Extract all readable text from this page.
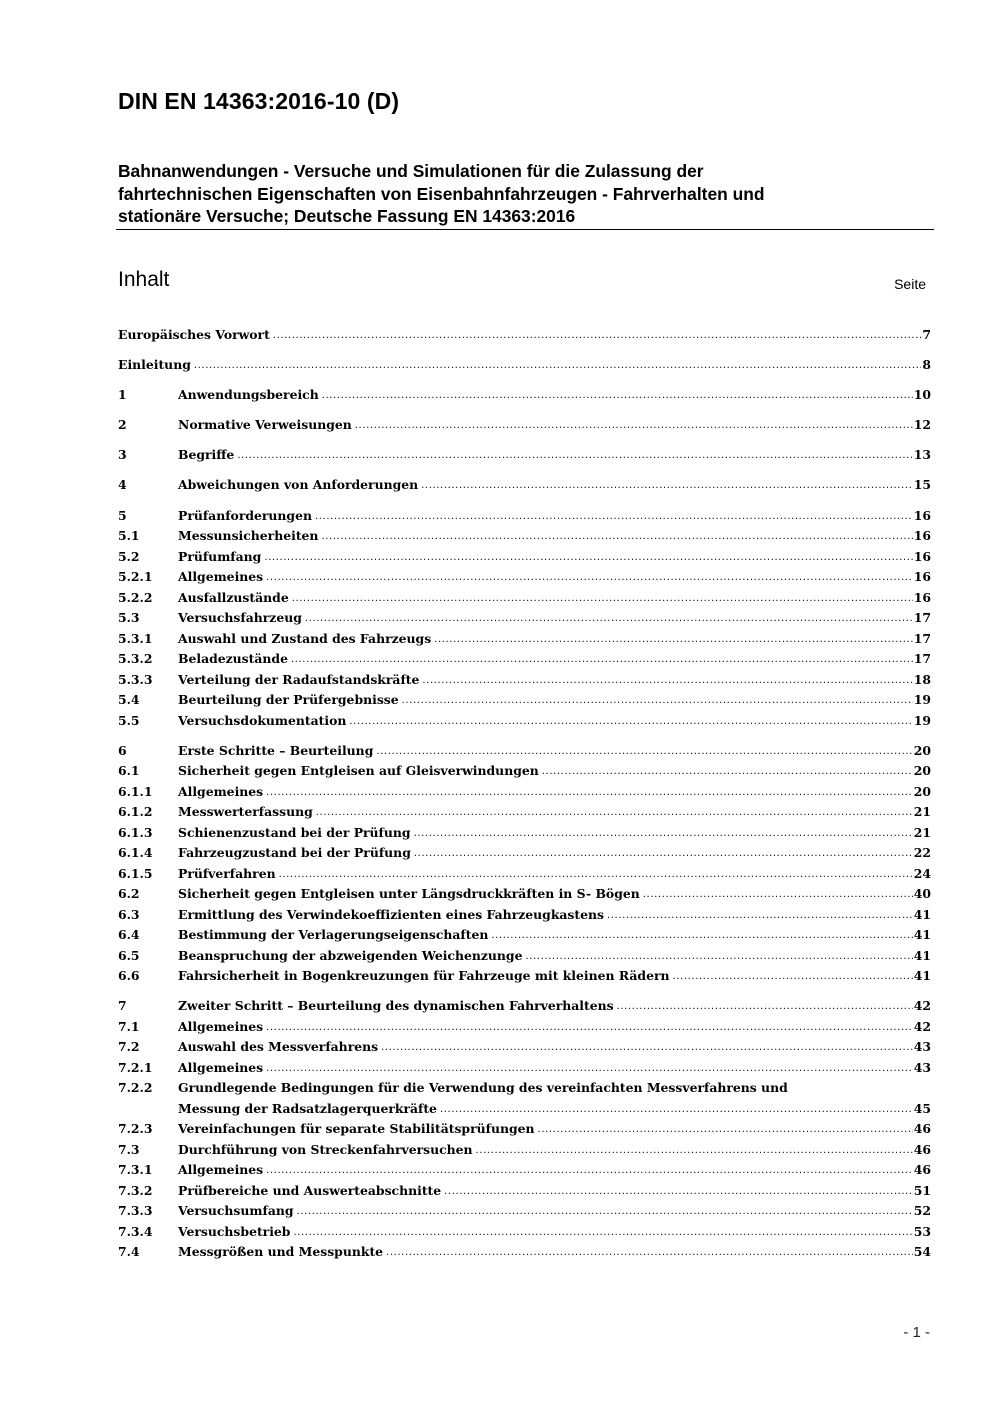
DIN EN 14363:2016-10 (D)
Bahnanwendungen - Versuche und Simulationen für die Zulassung der
fahrtechnischen Eigenschaften von Eisenbahnfahrzeugen - Fahrverhalten und
stationäre Versuche; Deutsche Fassung EN 14363:2016
Inhalt	Seite
Europäisches Vorwort .....	7
Einleitung .....	8
1	Anwendungsbereich .....	10
2	Normative Verweisungen .....	12
3	Begriffe .....	13
4	Abweichungen von Anforderungen .....	15
5	Prüfanforderungen .....	16
5.1	Messunsicherheiten .....	16
5.2	Prüfumfang .....	16
5.2.1	Allgemeines .....	16
5.2.2	Ausfallzustände .....	16
5.3	Versuchsfahrzeug .....	17
5.3.1	Auswahl und Zustand des Fahrzeugs .....	17
5.3.2	Beladezustände .....	17
5.3.3	Verteilung der Radaufstandskräfte .....	18
5.4	Beurteilung der Prüfergebnisse .....	19
5.5	Versuchsdokumentation .....	19
6	Erste Schritte – Beurteilung .....	20
6.1	Sicherheit gegen Entgleisen auf Gleisverwindungen .....	20
6.1.1	Allgemeines .....	20
6.1.2	Messwerterfassung .....	21
6.1.3	Schienenzustand bei der Prüfung .....	21
6.1.4	Fahrzeugzustand bei der Prüfung .....	22
6.1.5	Prüfverfahren .....	24
6.2	Sicherheit gegen Entgleisen unter Längsdruckkräften in S- Bögen .....	40
6.3	Ermittlung des Verwindekoeffizienten eines Fahrzeugkastens .....	41
6.4	Bestimmung der Verlagerungseigenschaften .....	41
6.5	Beanspruchung der abzweigenden Weichenzunge .....	41
6.6	Fahrsicherheit in Bogenkreuzungen für Fahrzeuge mit kleinen Rädern .....	41
7	Zweiter Schritt – Beurteilung des dynamischen Fahrverhaltens .....	42
7.1	Allgemeines .....	42
7.2	Auswahl des Messverfahrens .....	43
7.2.1	Allgemeines .....	43
7.2.2	Grundlegende Bedingungen für die Verwendung des vereinfachten Messverfahrens und
Messung der Radsatzlagerquerkräfte .....	45
7.2.3	Vereinfachungen für separate Stabilitätsprüfungen .....	46
7.3	Durchführung von Streckenfahrversuchen .....	46
7.3.1	Allgemeines .....	46
7.3.2	Prüfbereiche und Auswerteabschnitte .....	51
7.3.3	Versuchsumfang .....	52
7.3.4	Versuchsbetrieb .....	53
7.4	Messgrößen und Messpunkte .....	54
- 1 -
